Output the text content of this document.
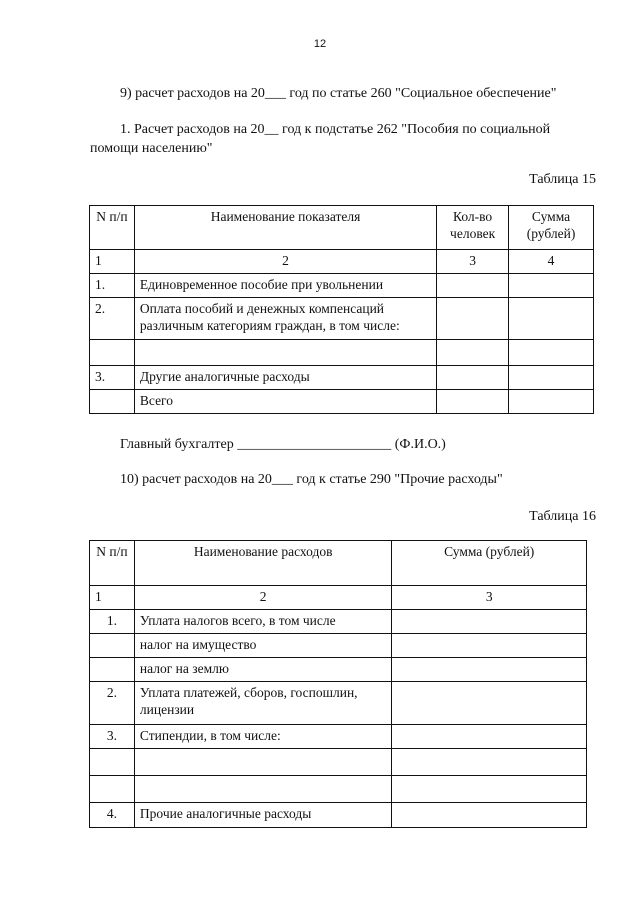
12
9) расчет расходов на 20___ год по статье 260 "Социальное обеспечение"
1. Расчет расходов на 20__ год к подстатье 262 "Пособия по социальной помощи населению"
Таблица 15
N п/п	Наименование показателя	Кол-во человек	Сумма (рублей)
1	2	3	4
1.	Единовременное пособие при увольнении		
2.	Оплата пособий и денежных компенсаций различным категориям граждан, в том числе:		

3.	Другие аналогичные расходы		
	Всего		
Главный бухгалтер ______________________ (Ф.И.О.)
10) расчет расходов на 20___ год к статье 290 "Прочие расходы"
Таблица 16
N п/п	Наименование расходов	Сумма (рублей)
1	2	3
1.	Уплата налогов всего, в том числе	
	налог на имущество	
	налог на землю	
2.	Уплата платежей, сборов, госпошлин, лицензии	
3.	Стипендии, в том числе:	

4.	Прочие аналогичные расходы	
